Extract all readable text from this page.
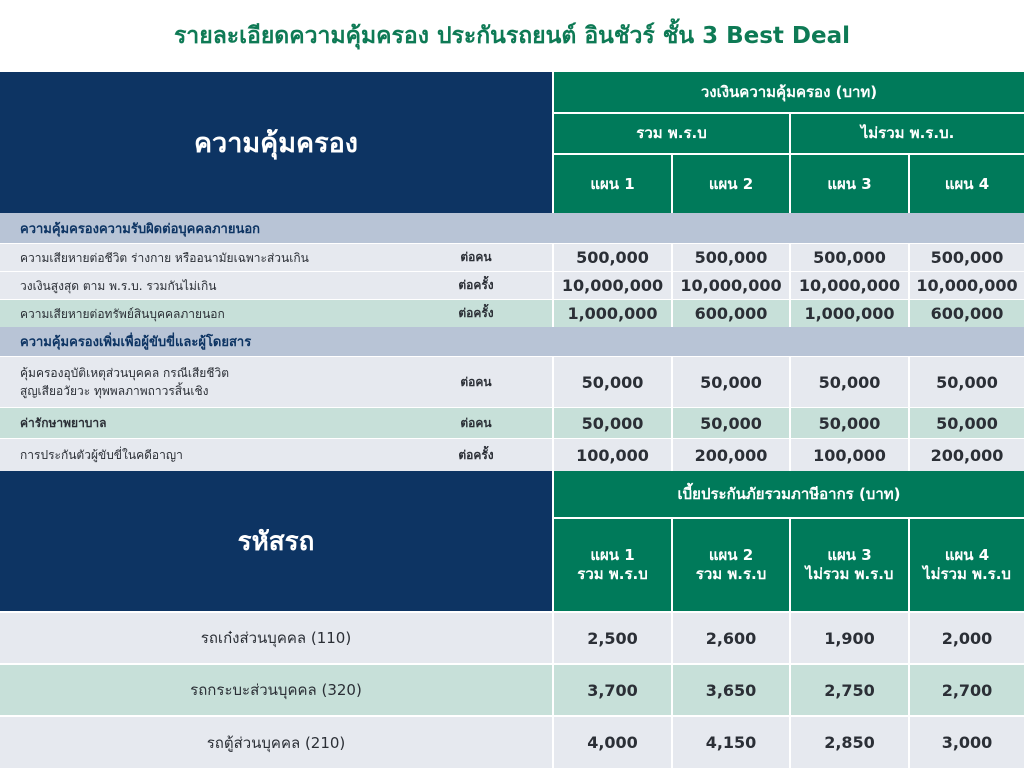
รายละเอียดความคุ้มครอง ประกันรถยนต์ อินชัวร์ ชั้น 3 Best Deal
ความคุ้มครอง
วงเงินความคุ้มครอง (บาท)
รวม พ.ร.บ	ไม่รวม พ.ร.บ.
แผน 1	แผน 2	แผน 3	แผน 4
ความคุ้มครองความรับผิดต่อบุคคลภายนอก
ความเสียหายต่อชีวิต ร่างกาย หรืออนามัยเฉพาะส่วนเกิน	ต่อคน	500,000	500,000	500,000	500,000
วงเงินสูงสุด ตาม พ.ร.บ. รวมกันไม่เกิน	ต่อครั้ง	10,000,000	10,000,000	10,000,000	10,000,000
ความเสียหายต่อทรัพย์สินบุคคลภายนอก	ต่อครั้ง	1,000,000	600,000	1,000,000	600,000
ความคุ้มครองเพิ่มเพื่อผู้ขับขี่และผู้โดยสาร
คุ้มครองอุบัติเหตุส่วนบุคคล กรณีเสียชีวิต
สูญเสียอวัยวะ ทุพพลภาพถาวรสิ้นเชิง
ต่อคน	50,000	50,000	50,000	50,000
ค่ารักษาพยาบาล	ต่อคน	50,000	50,000	50,000	50,000
การประกันตัวผู้ขับขี่ในคดีอาญา	ต่อครั้ง	100,000	200,000	100,000	200,000
รหัสรถ
เบี้ยประกันภัยรวมภาษีอากร (บาท)
แผน 1
รวม พ.ร.บ
แผน 2
รวม พ.ร.บ
แผน 3
ไม่รวม พ.ร.บ
แผน 4
ไม่รวม พ.ร.บ
รถเก๋งส่วนบุคคล (110)	2,500	2,600	1,900	2,000
รถกระบะส่วนบุคคล (320)	3,700	3,650	2,750	2,700
รถตู้ส่วนบุคคล (210)	4,000	4,150	2,850	3,000
